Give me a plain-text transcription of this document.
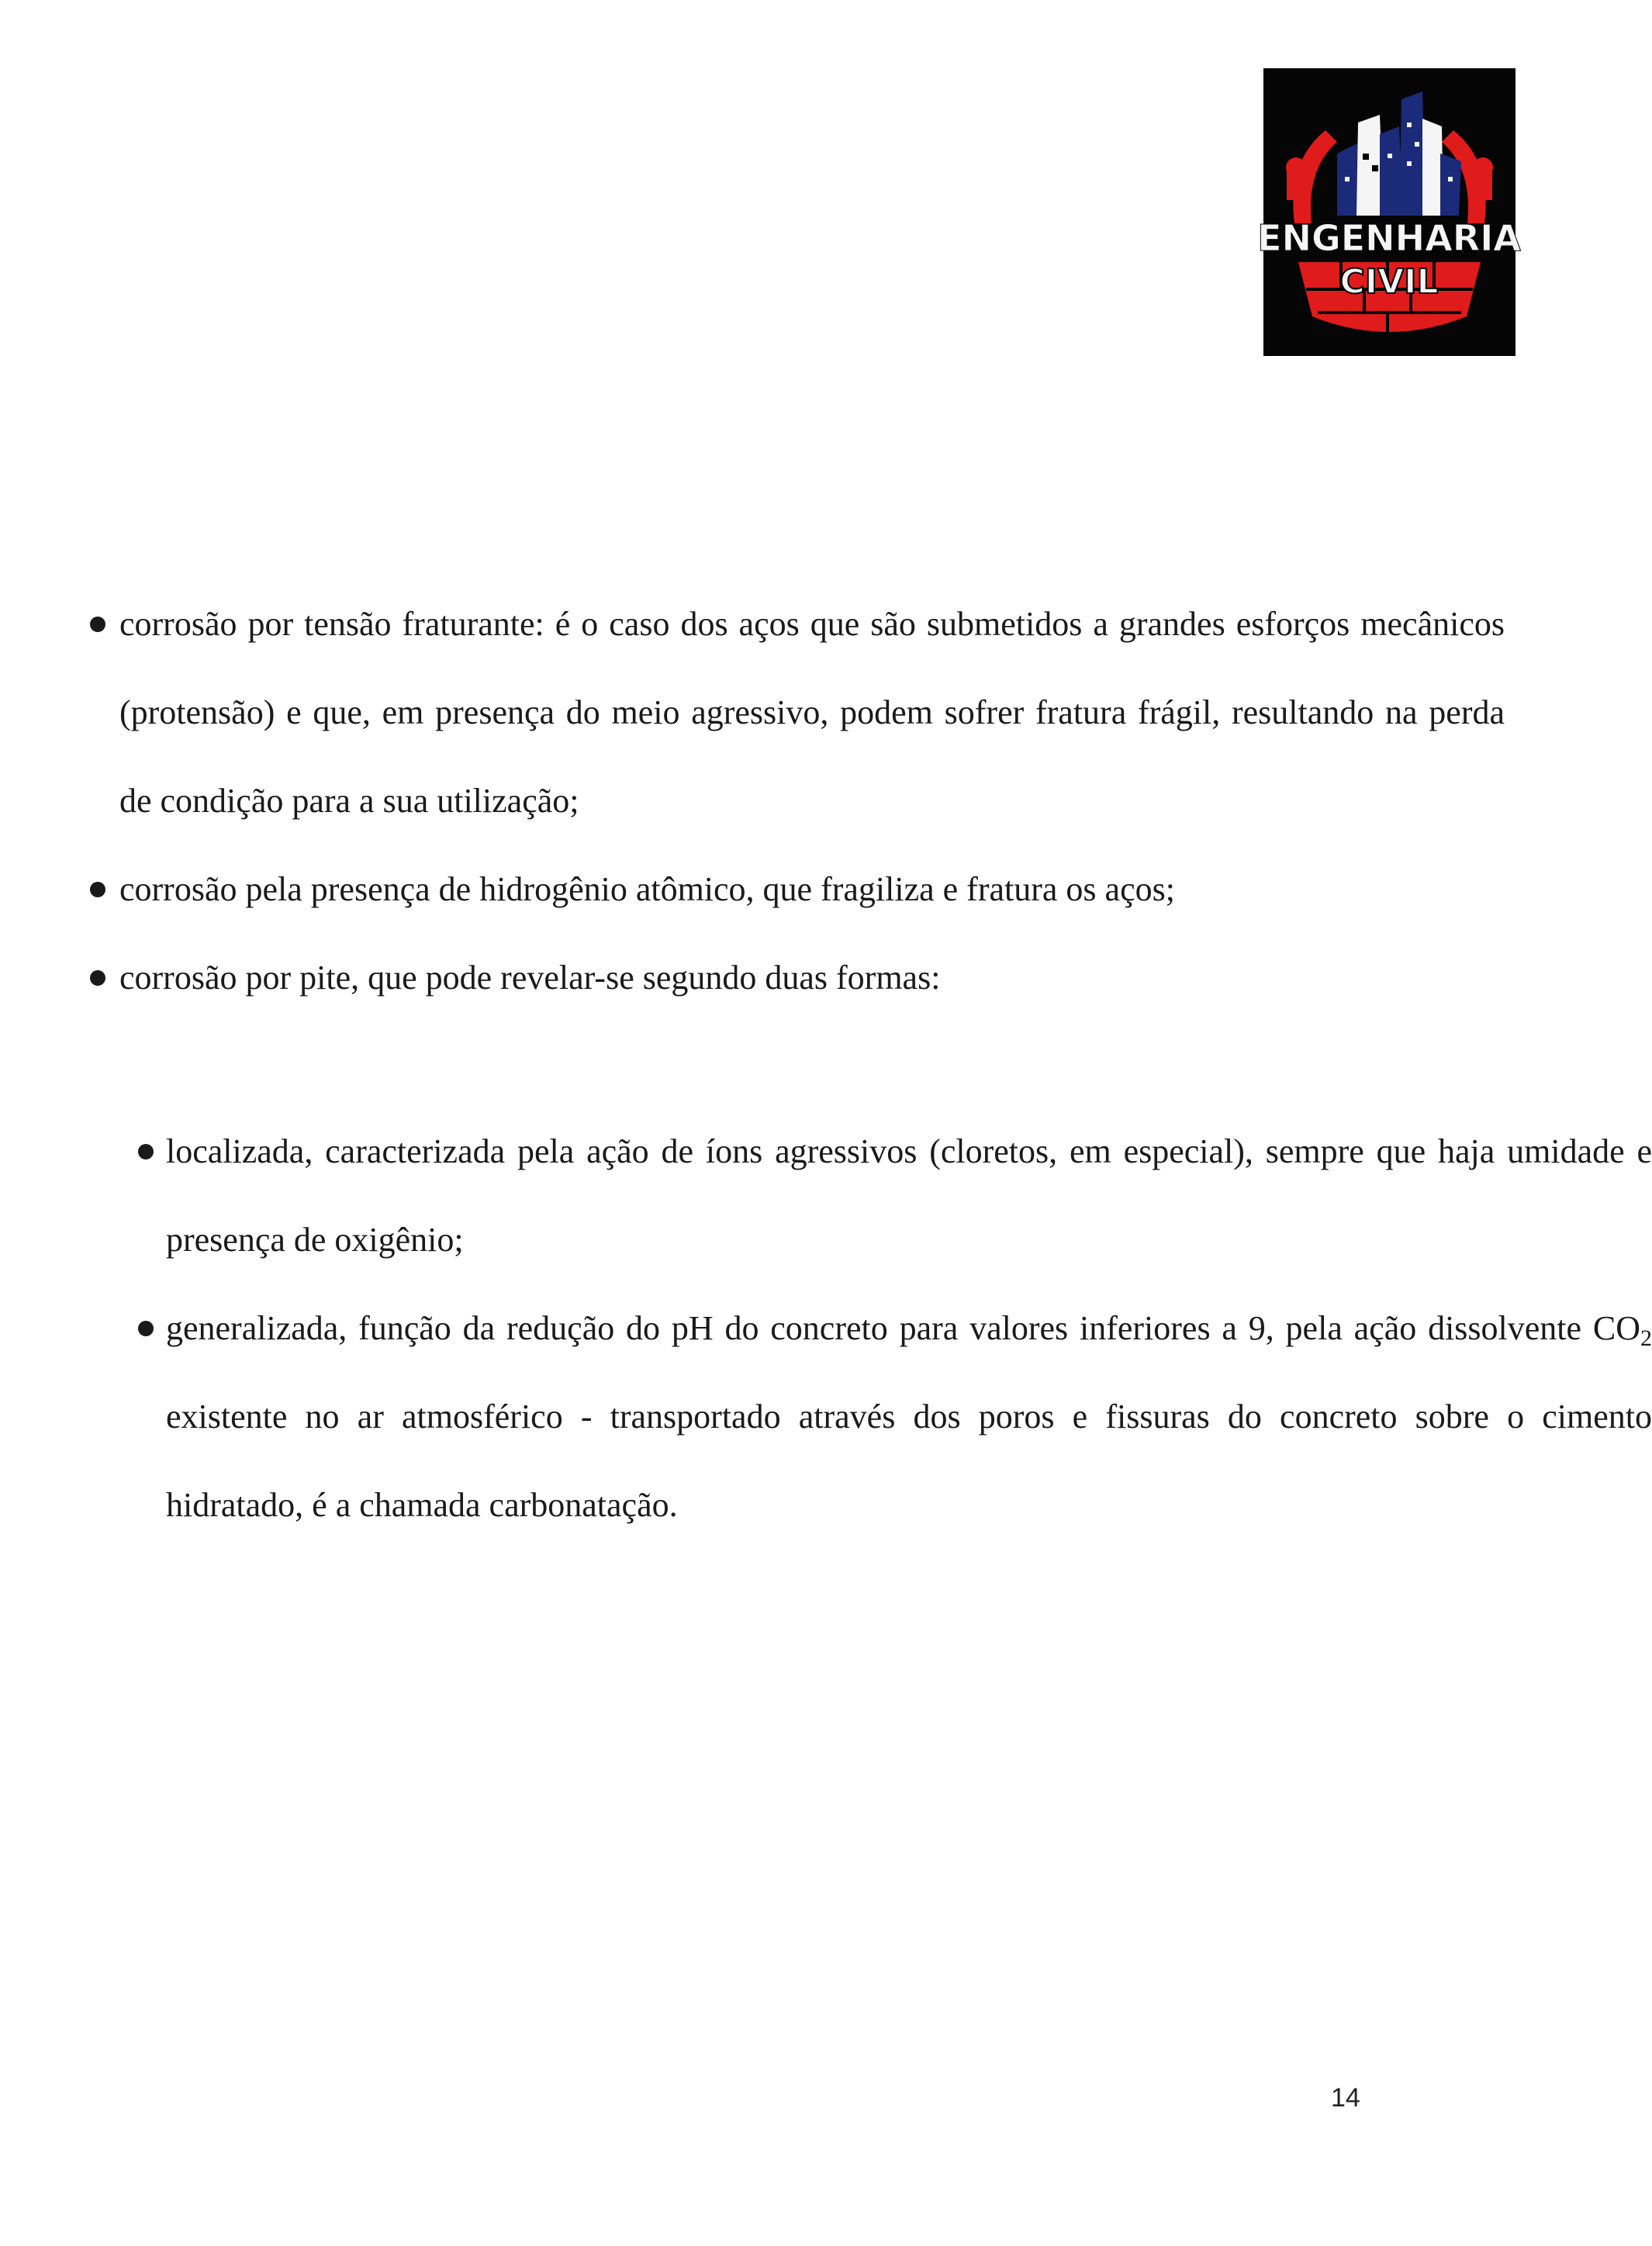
ENGENHARIA
CIVIL
corrosão por tensão fraturante: é o caso dos aços que são submetidos a grandes esforços mecânicos (protensão) e que, em presença do meio agressivo, podem sofrer fratura frágil, resultando na perda de condição para a sua utilização;
corrosão pela presença de hidrogênio atômico, que fragiliza e fratura os aços;
corrosão por pite, que pode revelar-se segundo duas formas:
localizada, caracterizada pela ação de íons agressivos (cloretos, em especial), sempre que haja umidade e presença de oxigênio;
generalizada, função da redução do pH do concreto para valores inferiores a 9, pela ação dissolvente $CO_2$ existente no ar atmosférico - transportado através dos poros e fissuras do concreto sobre o cimento hidratado, é a chamada carbonatação.
14
